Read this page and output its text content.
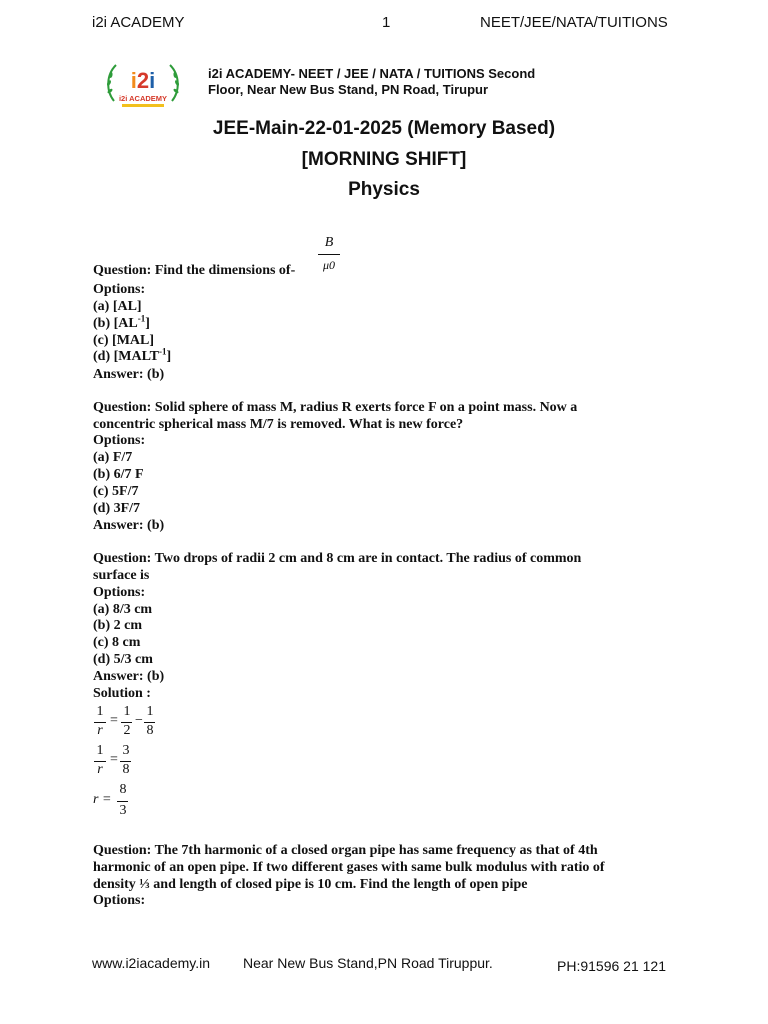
i2i ACADEMY	1	NEET/JEE/NATA/TUITIONS
i2i
i2i ACADEMY
i2i ACADEMY- NEET / JEE / NATA / TUITIONS Second
Floor, Near New Bus Stand, PN Road, Tirupur
JEE-Main-22-01-2025 (Memory Based)
[MORNING SHIFT]
Physics
B
μ0
Question: Find the dimensions of-
Options:
(a) [AL]
(b) $[AL^{-1}]$
(c) [MAL]
(d) $[MALT^{-1}]$
Answer: (b)
Question: Solid sphere of mass M, radius R exerts force F on a point mass. Now a
concentric spherical mass M/7 is removed. What is new force?
Options:
(a) F/7
(b) 6/7 F
(c) 5F/7
(d) 3F/7
Answer: (b)
Question: Two drops of radii 2 cm and 8 cm are in contact. The radius of common
surface is
Options:
(a) 8/3 cm
(b) 2 cm
(c) 8 cm
(d) 5/3 cm
Answer: (b)
Solution :
1
r
=
1
2
−
1
8
1
r
=
3
8
r =
8
3
Question: The 7th harmonic of a closed organ pipe has same frequency as that of 4th
harmonic of an open pipe. If two different gases with same bulk modulus with ratio of
density ⅓ and length of closed pipe is 10 cm. Find the length of open pipe
Options:
www.i2iacademy.in Near New Bus Stand,PN Road Tiruppur.	PH:91596 21 121
